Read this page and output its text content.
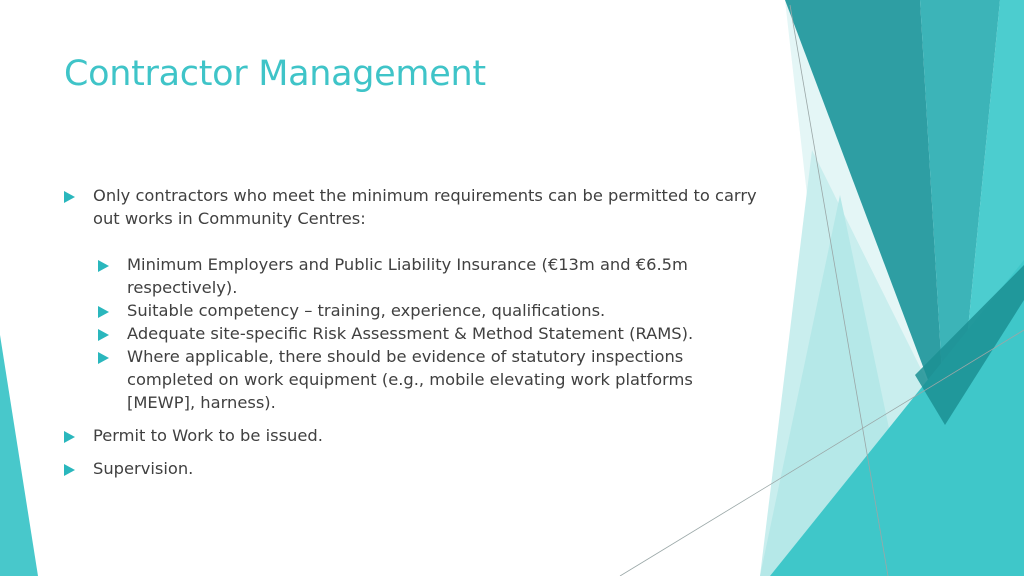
Contractor Management
Only contractors who meet the minimum requirements can be permitted to carry out works in Community Centres:
Minimum Employers and Public Liability Insurance (€13m and €6.5m respectively).
Suitable competency – training, experience, qualifications.
Adequate site-specific Risk Assessment & Method Statement (RAMS).
Where applicable, there should be evidence of statutory inspections completed on work equipment (e.g., mobile elevating work platforms [MEWP], harness).
Permit to Work to be issued.
Supervision.
